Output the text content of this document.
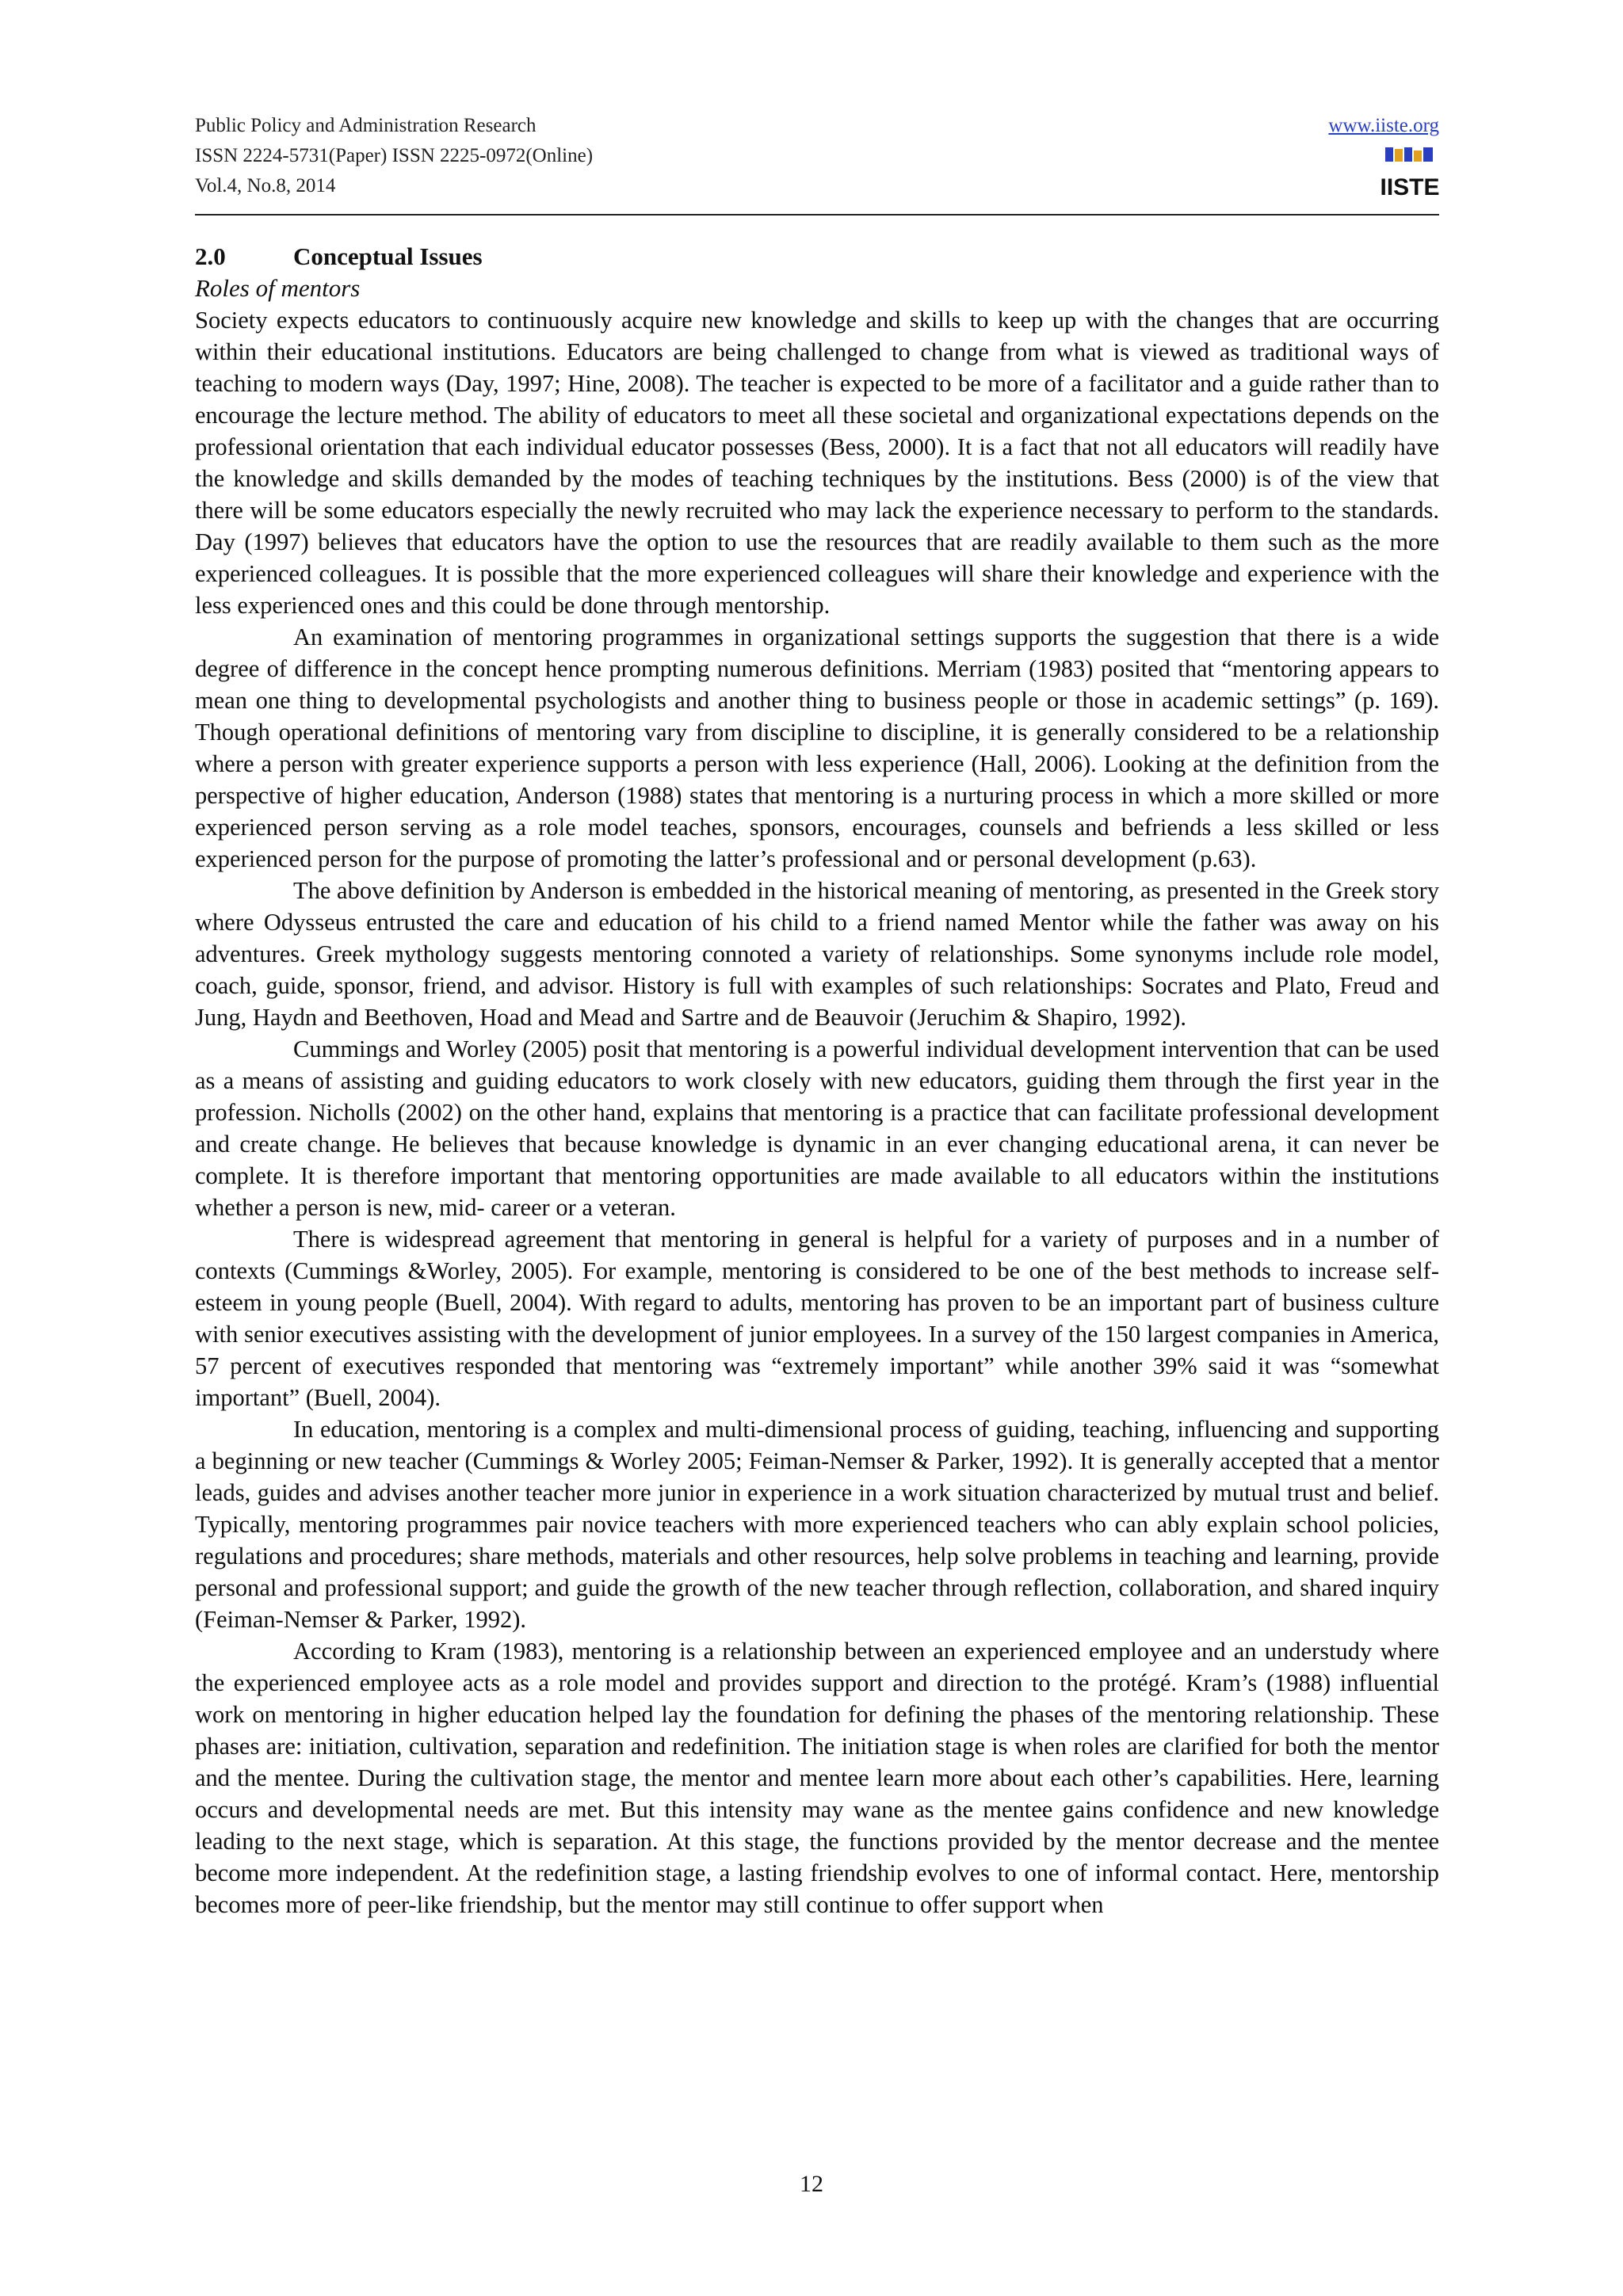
Public Policy and Administration Research
ISSN 2224-5731(Paper) ISSN 2225-0972(Online)
Vol.4, No.8, 2014
www.iiste.org
IISTE
2.0	Conceptual Issues
Roles of mentors

Society expects educators to continuously acquire new knowledge and skills to keep up with the changes that are occurring within their educational institutions. Educators are being challenged to change from what is viewed as traditional ways of teaching to modern ways (Day, 1997; Hine, 2008). The teacher is expected to be more of a facilitator and a guide rather than to encourage the lecture method. The ability of educators to meet all these societal and organizational expectations depends on the professional orientation that each individual educator possesses (Bess, 2000). It is a fact that not all educators will readily have the knowledge and skills demanded by the modes of teaching techniques by the institutions. Bess (2000) is of the view that there will be some educators especially the newly recruited who may lack the experience necessary to perform to the standards. Day (1997) believes that educators have the option to use the resources that are readily available to them such as the more experienced colleagues. It is possible that the more experienced colleagues will share their knowledge and experience with the less experienced ones and this could be done through mentorship.

An examination of mentoring programmes in organizational settings supports the suggestion that there is a wide degree of difference in the concept hence prompting numerous definitions. Merriam (1983) posited that “mentoring appears to mean one thing to developmental psychologists and another thing to business people or those in academic settings” (p. 169). Though operational definitions of mentoring vary from discipline to discipline, it is generally considered to be a relationship where a person with greater experience supports a person with less experience (Hall, 2006). Looking at the definition from the perspective of higher education, Anderson (1988) states that mentoring is a nurturing process in which a more skilled or more experienced person serving as a role model teaches, sponsors, encourages, counsels and befriends a less skilled or less experienced person for the purpose of promoting the latter’s professional and or personal development (p.63).

The above definition by Anderson is embedded in the historical meaning of mentoring, as presented in the Greek story where Odysseus entrusted the care and education of his child to a friend named Mentor while the father was away on his adventures. Greek mythology suggests mentoring connoted a variety of relationships. Some synonyms include role model, coach, guide, sponsor, friend, and advisor. History is full with examples of such relationships: Socrates and Plato, Freud and Jung, Haydn and Beethoven, Hoad and Mead and Sartre and de Beauvoir (Jeruchim & Shapiro, 1992).

Cummings and Worley (2005) posit that mentoring is a powerful individual development intervention that can be used as a means of assisting and guiding educators to work closely with new educators, guiding them through the first year in the profession. Nicholls (2002) on the other hand, explains that mentoring is a practice that can facilitate professional development and create change. He believes that because knowledge is dynamic in an ever changing educational arena, it can never be complete. It is therefore important that mentoring opportunities are made available to all educators within the institutions whether a person is new, mid- career or a veteran.

There is widespread agreement that mentoring in general is helpful for a variety of purposes and in a number of contexts (Cummings &Worley, 2005). For example, mentoring is considered to be one of the best methods to increase self-esteem in young people (Buell, 2004). With regard to adults, mentoring has proven to be an important part of business culture with senior executives assisting with the development of junior employees. In a survey of the 150 largest companies in America, 57 percent of executives responded that mentoring was “extremely important” while another 39% said it was “somewhat important” (Buell, 2004).

In education, mentoring is a complex and multi-dimensional process of guiding, teaching, influencing and supporting a beginning or new teacher (Cummings & Worley 2005; Feiman-Nemser & Parker, 1992). It is generally accepted that a mentor leads, guides and advises another teacher more junior in experience in a work situation characterized by mutual trust and belief. Typically, mentoring programmes pair novice teachers with more experienced teachers who can ably explain school policies, regulations and procedures; share methods, materials and other resources, help solve problems in teaching and learning, provide personal and professional support; and guide the growth of the new teacher through reflection, collaboration, and shared inquiry (Feiman-Nemser & Parker, 1992).

According to Kram (1983), mentoring is a relationship between an experienced employee and an understudy where the experienced employee acts as a role model and provides support and direction to the protégé. Kram’s (1988) influential work on mentoring in higher education helped lay the foundation for defining the phases of the mentoring relationship. These phases are: initiation, cultivation, separation and redefinition. The initiation stage is when roles are clarified for both the mentor and the mentee. During the cultivation stage, the mentor and mentee learn more about each other’s capabilities. Here, learning occurs and developmental needs are met. But this intensity may wane as the mentee gains confidence and new knowledge leading to the next stage, which is separation. At this stage, the functions provided by the mentor decrease and the mentee become more independent. At the redefinition stage, a lasting friendship evolves to one of informal contact. Here, mentorship becomes more of peer-like friendship, but the mentor may still continue to offer support when

12
